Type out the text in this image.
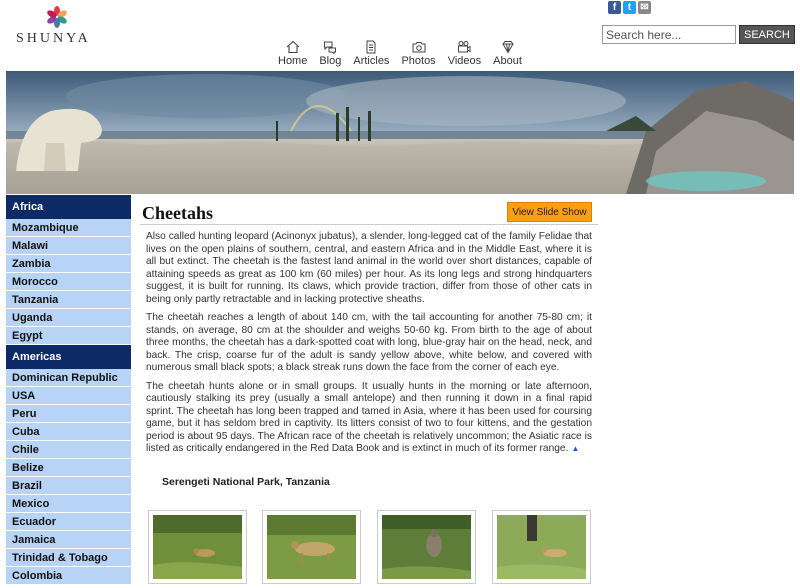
SHUNYA
f	t ✉
Search here...
SEARCH
Home Blog Articles Photos Videos About
Africa
Mozambique
Malawi
Zambia
Morocco
Tanzania
Uganda
Egypt
Americas
Dominican Republic
USA
Peru
Cuba
Chile
Belize
Brazil
Mexico
Ecuador
Jamaica
Trinidad & Tobago
Colombia
Cheetahs	View Slide Show

Also called hunting leopard (Acinonyx jubatus), a slender, long-legged cat of the family Felidae that lives on the open plains of southern, central, and eastern Africa and in the Middle East, where it is all but extinct. The cheetah is the fastest land animal in the world over short distances, capable of attaining speeds as great as 100 km (60 miles) per hour. As its long legs and strong hindquarters suggest, it is built for running. Its claws, which provide traction, differ from those of other cats in being only partly retractable and in lacking protective sheaths.

The cheetah reaches a length of about 140 cm, with the tail accounting for another 75-80 cm; it stands, on average, 80 cm at the shoulder and weighs 50-60 kg. From birth to the age of about three months, the cheetah has a dark-spotted coat with long, blue-gray hair on the head, neck, and back. The crisp, coarse fur of the adult is sandy yellow above, white below, and covered with numerous small black spots; a black streak runs down the face from the corner of each eye.

The cheetah hunts alone or in small groups. It usually hunts in the morning or late afternoon, cautiously stalking its prey (usually a small antelope) and then running it down in a final rapid sprint. The cheetah has long been trapped and tamed in Asia, where it has been used for coursing game, but it has seldom bred in captivity. Its litters consist of two to four kittens, and the gestation period is about 95 days. The African race of the cheetah is relatively uncommon; the Asiatic race is listed as critically endangered in the Red Data Book and is extinct in much of its former range. ▲

Serengeti National Park, Tanzania
